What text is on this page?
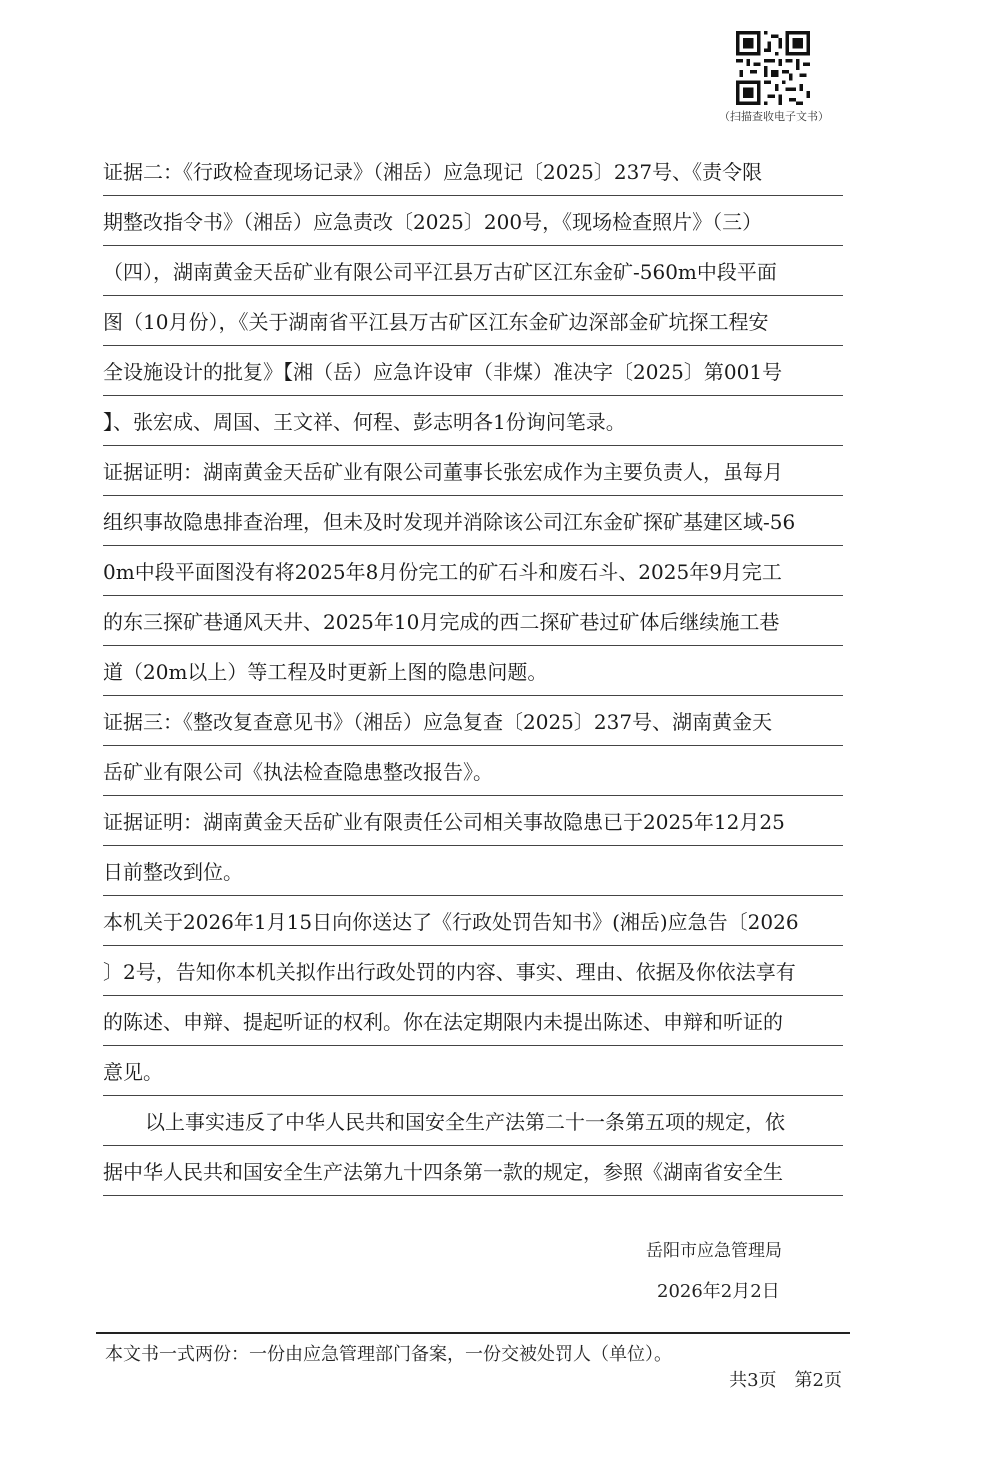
（扫描查收电子文书）
证据二：《行政检查现场记录》（湘岳）应急现记〔2025〕237号、《责令限
期整改指令书》（湘岳）应急责改〔2025〕200号，《现场检查照片》（三）
（四），湖南黄金天岳矿业有限公司平江县万古矿区江东金矿-560m中段平面
图（10月份），《关于湖南省平江县万古矿区江东金矿边深部金矿坑探工程安
全设施设计的批复》【湘（岳）应急许设审（非煤）准决字〔2025〕第001号
】、张宏成、周国、王文祥、何程、彭志明各1份询问笔录。
证据证明：湖南黄金天岳矿业有限公司董事长张宏成作为主要负责人，虽每月
组织事故隐患排查治理，但未及时发现并消除该公司江东金矿探矿基建区域-56
0m中段平面图没有将2025年8月份完工的矿石斗和废石斗、2025年9月完工
的东三探矿巷通风天井、2025年10月完成的西二探矿巷过矿体后继续施工巷
道（20m以上）等工程及时更新上图的隐患问题。
证据三：《整改复查意见书》（湘岳）应急复查〔2025〕237号、湖南黄金天
岳矿业有限公司《执法检查隐患整改报告》。
证据证明：湖南黄金天岳矿业有限责任公司相关事故隐患已于2025年12月25
日前整改到位。
本机关于2026年1月15日向你送达了《行政处罚告知书》(湘岳)应急告〔2026
〕2号，告知你本机关拟作出行政处罚的内容、事实、理由、依据及你依法享有
的陈述、申辩、提起听证的权利。你在法定期限内未提出陈述、申辩和听证的
意见。
以上事实违反了中华人民共和国安全生产法第二十一条第五项的规定，依
据中华人民共和国安全生产法第九十四条第一款的规定，参照《湖南省安全生
岳阳市应急管理局
2026年2月2日
本文书一式两份：一份由应急管理部门备案，一份交被处罚人（单位）。
共3页　第2页
